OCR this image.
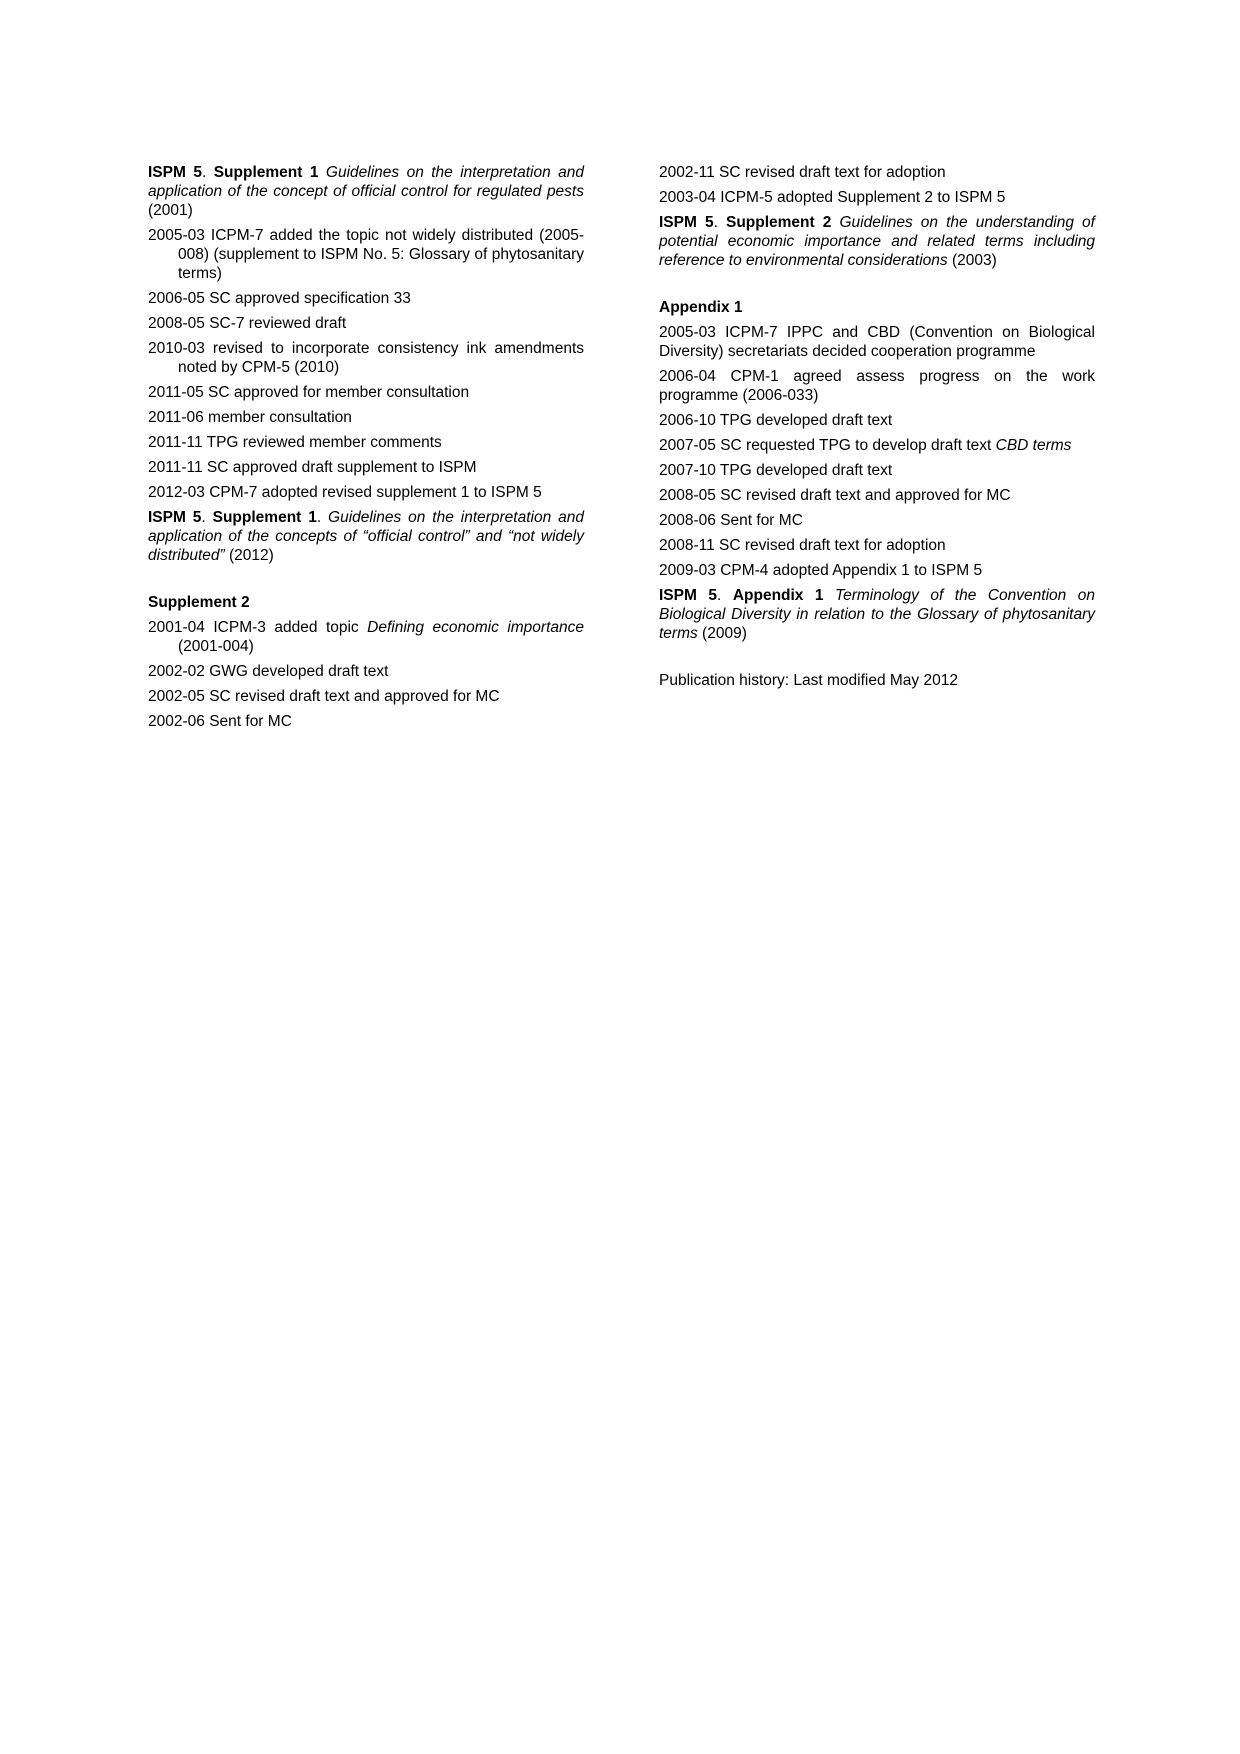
ISPM 5. Supplement 1 Guidelines on the interpretation and application of the concept of official control for regulated pests (2001)

2005-03 ICPM-7 added the topic not widely distributed (2005-008) (supplement to ISPM No. 5: Glossary of phytosanitary terms)

2006-05 SC approved specification 33

2008-05 SC-7 reviewed draft

2010-03 revised to incorporate consistency ink amendments noted by CPM-5 (2010)

2011-05 SC approved for member consultation

2011-06 member consultation

2011-11 TPG reviewed member comments

2011-11 SC approved draft supplement to ISPM

2012-03 CPM-7 adopted revised supplement 1 to ISPM 5

ISPM 5. Supplement 1. Guidelines on the interpretation and application of the concepts of “official control” and “not widely distributed” (2012)

Supplement 2

2001-04 ICPM-3 added topic Defining economic importance (2001-004)

2002-02 GWG developed draft text

2002-05 SC revised draft text and approved for MC

2002-06 Sent for MC

2002-11 SC revised draft text for adoption

2003-04 ICPM-5 adopted Supplement 2 to ISPM 5

ISPM 5. Supplement 2 Guidelines on the understanding of potential economic importance and related terms including reference to environmental considerations (2003)

Appendix 1

2005-03 ICPM-7 IPPC and CBD (Convention on Biological Diversity) secretariats decided cooperation programme

2006-04 CPM-1 agreed assess progress on the work programme (2006-033)

2006-10 TPG developed draft text

2007-05 SC requested TPG to develop draft text CBD terms

2007-10 TPG developed draft text

2008-05 SC revised draft text and approved for MC

2008-06 Sent for MC

2008-11 SC revised draft text for adoption

2009-03 CPM-4 adopted Appendix 1 to ISPM 5

ISPM 5. Appendix 1 Terminology of the Convention on Biological Diversity in relation to the Glossary of phytosanitary terms (2009)

Publication history: Last modified May 2012
